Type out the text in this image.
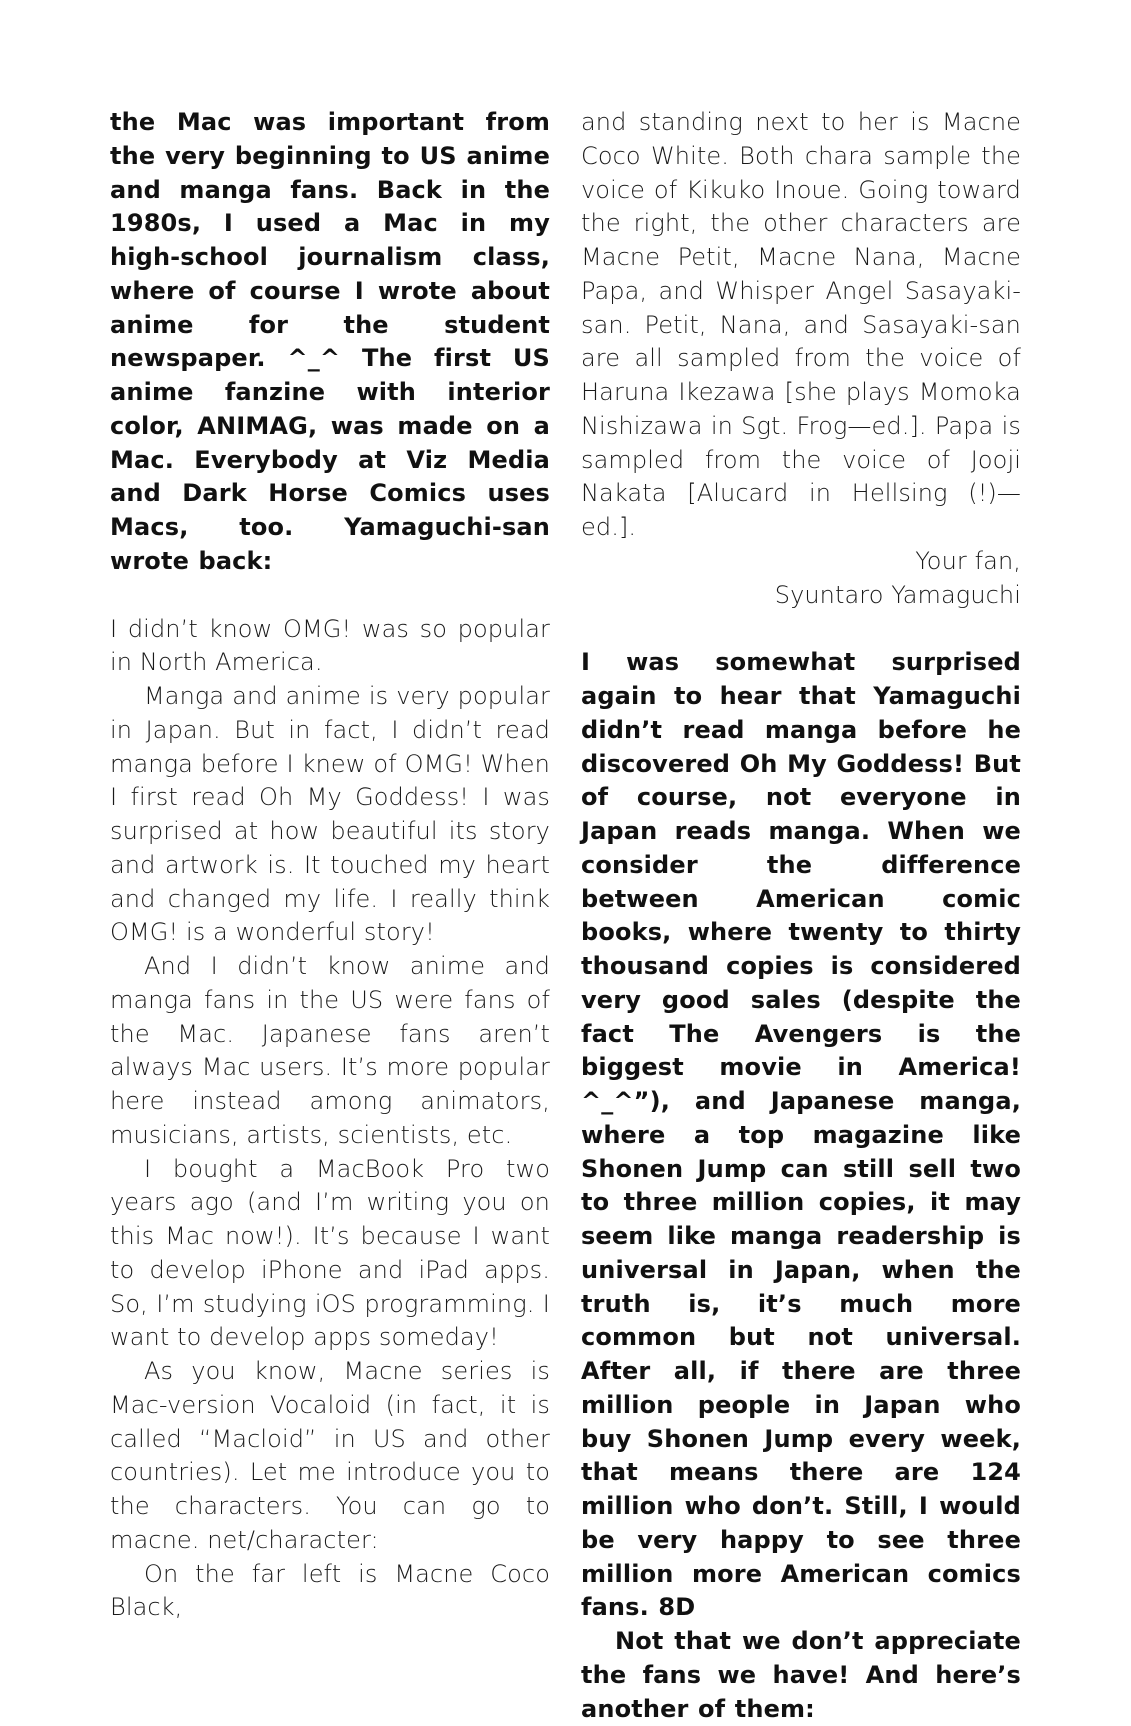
the Mac was important from the very beginning to US anime and manga fans. Back in the 1980s, I used a Mac in my high-school journalism class, where of course I wrote about anime for the student newspaper. ^_^ The first US anime fanzine with interior color, ANIMAG, was made on a Mac. Everybody at Viz Media and Dark Horse Comics uses Macs, too. Yamaguchi-san wrote back:

I didn’t know OMG! was so popular in North America.

Manga and anime is very popular in Japan. But in fact, I didn’t read manga before I knew of OMG! When I first read Oh My Goddess! I was surprised at how beautiful its story and artwork is. It touched my heart and changed my life. I really think OMG! is a wonderful story!

And I didn’t know anime and manga fans in the US were fans of the Mac. Japanese fans aren’t always Mac users. It’s more popular here instead among animators, musicians, artists, scientists, etc.

I bought a MacBook Pro two years ago (and I’m writing you on this Mac now!). It’s because I want to develop iPhone and iPad apps. So, I’m studying iOS programming. I want to develop apps someday!

As you know, Macne series is Mac-version Vocaloid (in fact, it is called “Macloid” in US and other countries). Let me introduce you to the characters. You can go to macne. net/character:

On the far left is Macne Coco Black,

and standing next to her is Macne Coco White. Both chara sample the voice of Kikuko Inoue. Going toward the right, the other characters are Macne Petit, Macne Nana, Macne Papa, and Whisper Angel Sasayaki-san. Petit, Nana, and Sasayaki-san are all sampled from the voice of Haruna Ikezawa [she plays Momoka Nishizawa in Sgt. Frog—ed.]. Papa is sampled from the voice of Jooji Nakata [Alucard in Hellsing (!)—ed.].

Your fan,

Syuntaro Yamaguchi

I was somewhat surprised again to hear that Yamaguchi didn’t read manga before he discovered Oh My Goddess! But of course, not everyone in Japan reads manga. When we consider the difference between American comic books, where twenty to thirty thousand copies is considered very good sales (despite the fact The Avengers is the biggest movie in America! ^_^”), and Japanese manga, where a top magazine like Shonen Jump can still sell two to three million copies, it may seem like manga readership is universal in Japan, when the truth is, it’s much more common but not universal. After all, if there are three million people in Japan who buy Shonen Jump every week, that means there are 124 million who don’t. Still, I would be very happy to see three million more American comics fans. 8D

Not that we don’t appreciate the fans we have! And here’s another of them:
